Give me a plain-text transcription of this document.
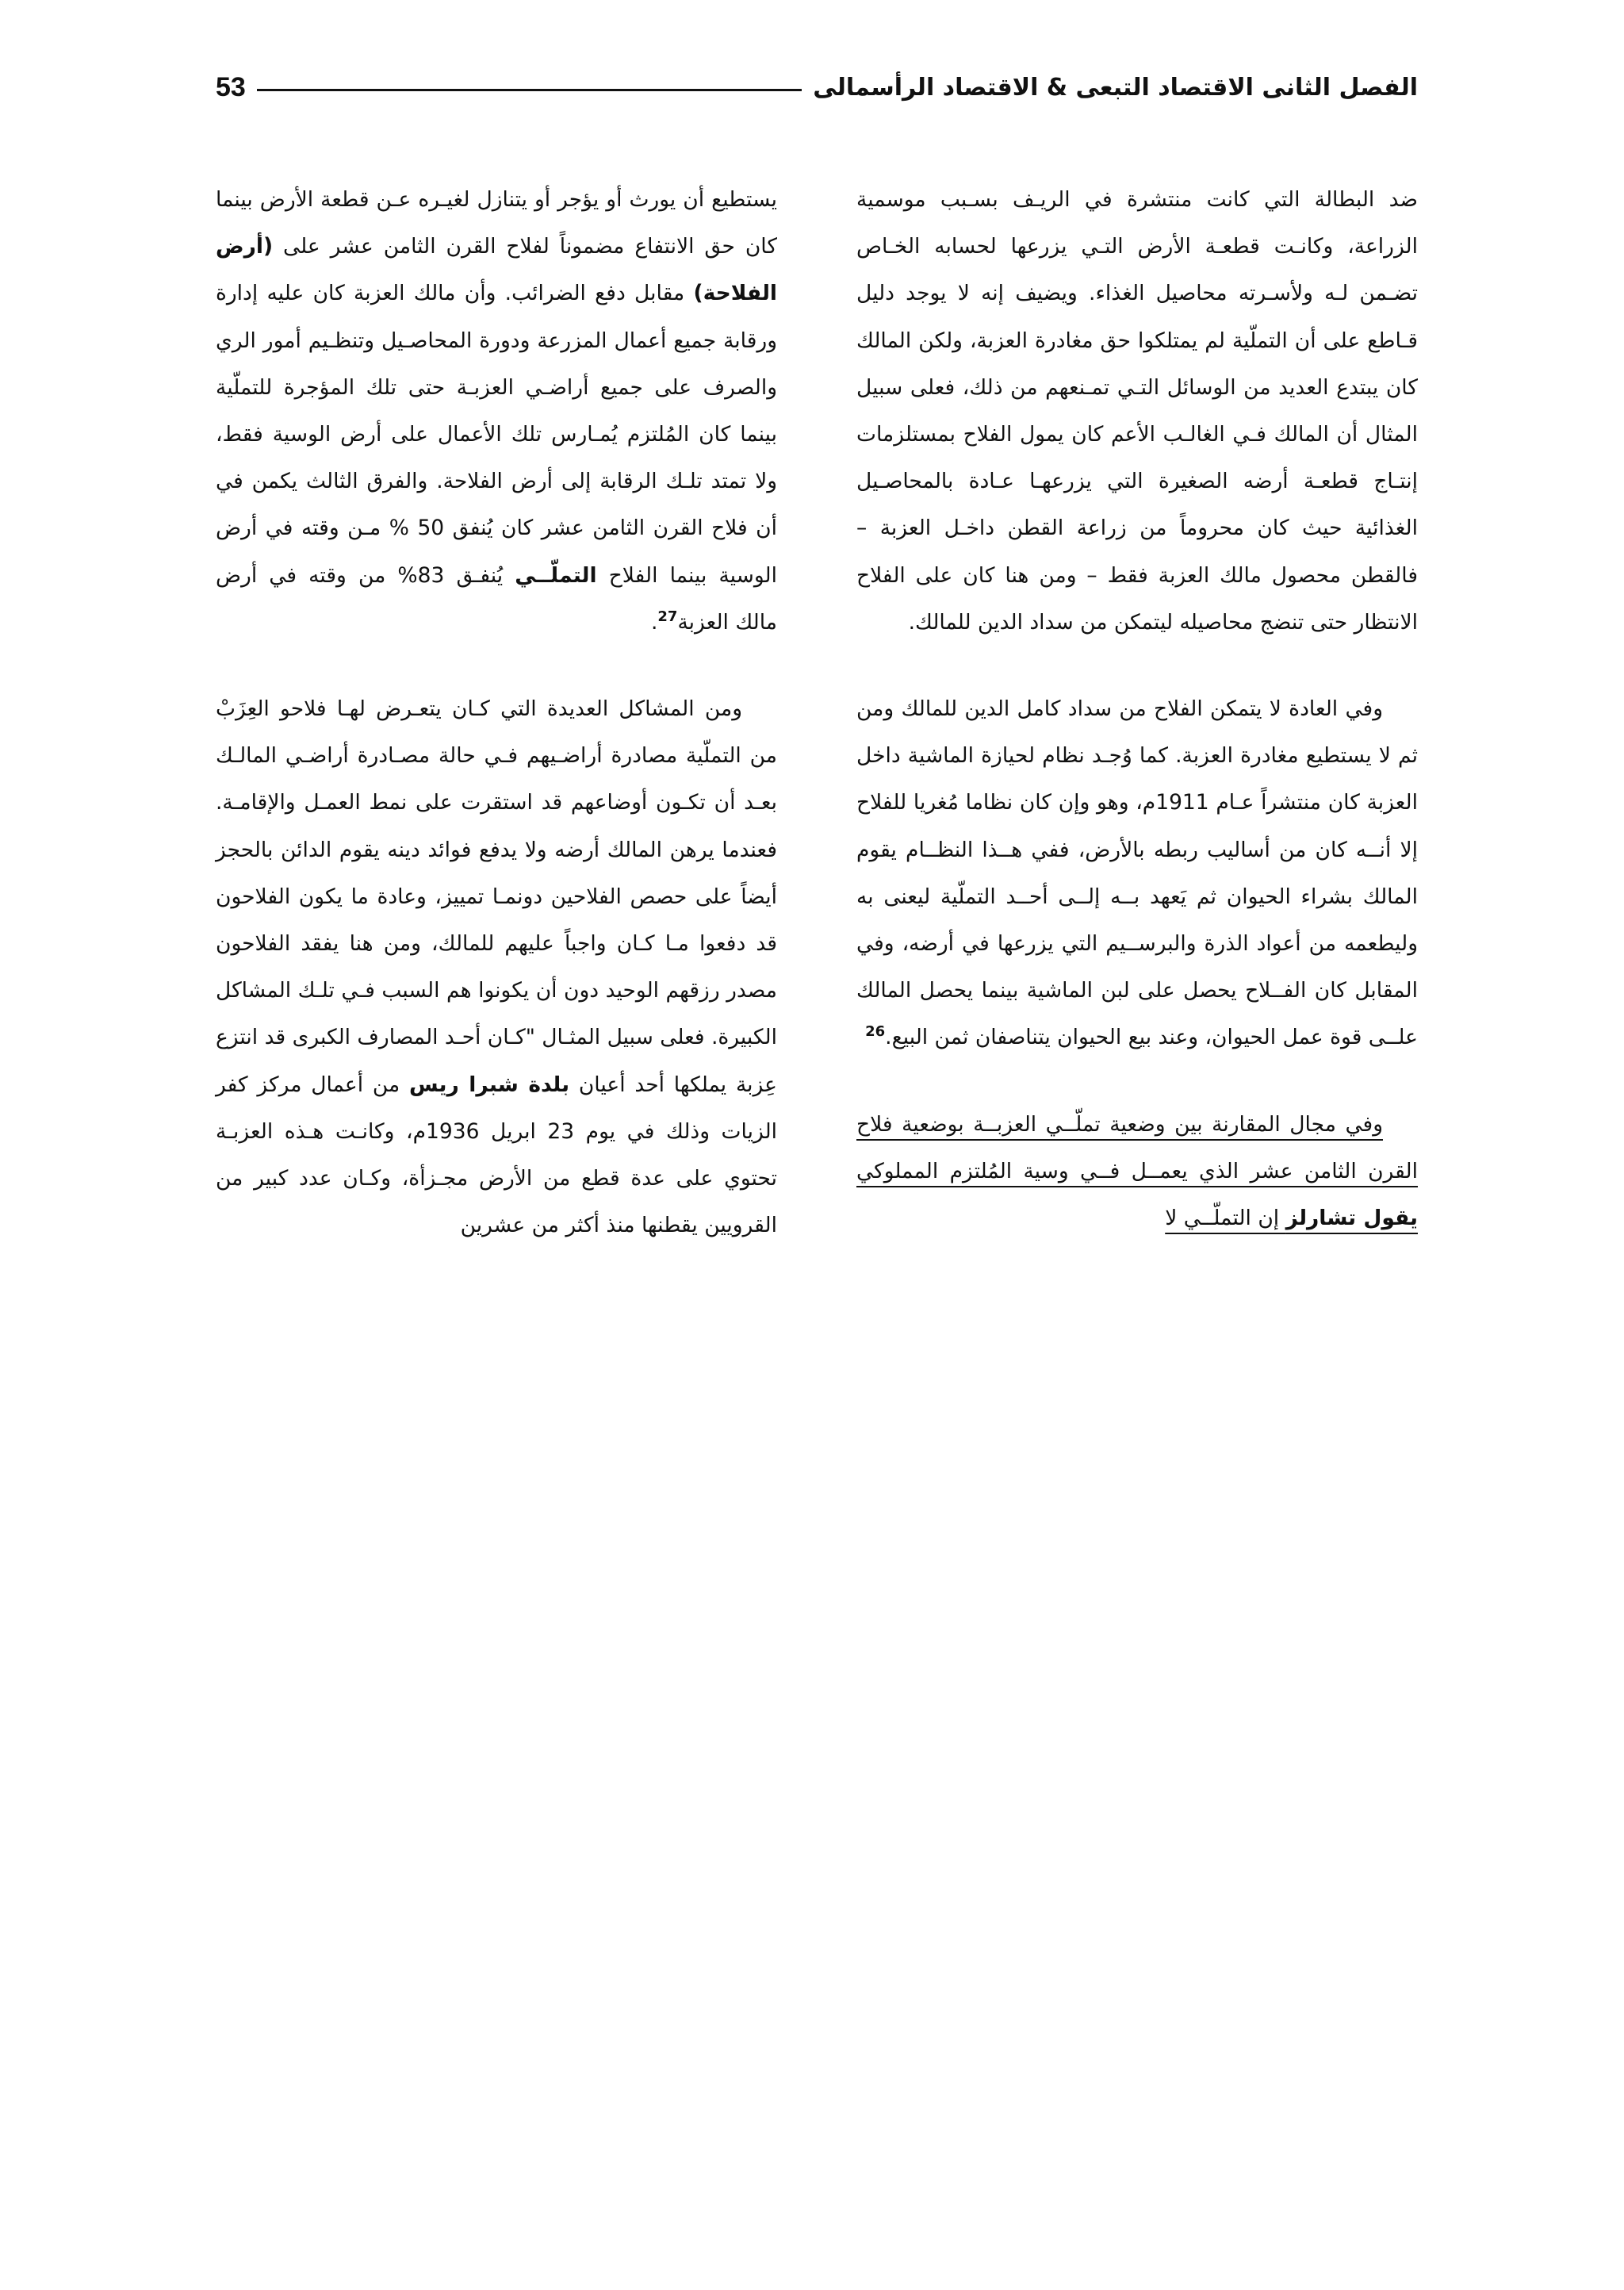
الفصل الثانى الاقتصاد التبعى & الاقتصاد الرأسمالى
53

ضد البطالة التي كانت منتشرة في الريـف بسـبب موسمية الزراعة، وكانـت قطعـة الأرض التـي يزرعها لحسابه الخـاص تضـمن لـه ولأسـرته محاصيل الغذاء. ويضيف إنه لا يوجد دليل قـاطع على أن التملّية لم يمتلكوا حق مغادرة العزبة، ولكن المالك كان يبتدع العديد من الوسائل التـي تمـنعهم من ذلك، فعلى سبيل المثال أن المالك فـي الغالـب الأعم كان يمول الفلاح بمستلزمات إنتـاج قطعـة أرضه الصغيرة التي يزرعهـا عـادة بالمحاصـيل الغذائية حيث كان محروماً من زراعة القطن داخـل العزبة – فالقطن محصول مالك العزبة فقط – ومن هنا كان على الفلاح الانتظار حتى تنضج محاصيله ليتمكن من سداد الدين للمالك.

وفي العادة لا يتمكن الفلاح من سداد كامل الدين للمالك ومن ثم لا يستطيع مغادرة العزبة. كما وُجـد نظام لحيازة الماشية داخل العزبة كان منتشراً عـام 1911م، وهو وإن كان نظاما مُغريا للفلاح إلا أنــه كان من أساليب ربطه بالأرض، ففي هــذا النظــام يقوم المالك بشراء الحيوان ثم يَعهد بــه إلــى أحــد التملّية ليعنى به وليطعمه من أعواد الذرة والبرســيم التي يزرعها في أرضه، وفي المقابل كان الفــلاح يحصل على لبن الماشية بينما يحصل المالك علــى قوة عمل الحيوان، وعند بيع الحيوان يتناصفان ثمن البيع.$^{26}$

وفي مجال المقارنة بين وضعية تملّــي العزبــة بوضعية فلاح القرن الثامن عشر الذي يعمــل فــي وسية المُلتزم المملوكي يقول تشارلز إن التملّــي لا

يستطيع أن يورث أو يؤجر أو يتنازل لغيـره عـن قطعة الأرض بينما كان حق الانتفاع مضموناً لفلاح القرن الثامن عشر على (أرض الفلاحة) مقابل دفع الضرائب. وأن مالك العزبة كان عليه إدارة ورقابة جميع أعمال المزرعة ودورة المحاصـيل وتنظـيم أمور الري والصرف على جميع أراضـي العزبـة حتى تلك المؤجرة للتملّية بينما كان المُلتزم يُمـارس تلك الأعمال على أرض الوسية فقط، ولا تمتد تلـك الرقابة إلى أرض الفلاحة. والفرق الثالث يكمن في أن فلاح القرن الثامن عشر كان يُنفق 50 % مـن وقته في أرض الوسية بينما الفلاح التملّــي يُنفـق 83% من وقته في أرض مالك العزبة$^{27}$.

ومن المشاكل العديدة التي كـان يتعـرض لهـا فلاحو العِزَبْ من التملّية مصادرة أراضـيهم فـي حالة مصـادرة أراضـي المالـك بعـد أن تكـون أوضاعهم قد استقرت على نمط العمـل والإقامـة. فعندما يرهن المالك أرضه ولا يدفع فوائد دينه يقوم الدائن بالحجز أيضاً على حصص الفلاحين دونمـا تمييز، وعادة ما يكون الفلاحون قد دفعوا مـا كـان واجباً عليهم للمالك، ومن هنا يفقد الفلاحون مصدر رزقهم الوحيد دون أن يكونوا هم السبب فـي تلـك المشاكل الكبيرة. فعلى سبيل المثـال "كـان أحـد المصارف الكبرى قد انتزع عِزبة يملكها أحد أعيان بلدة شبرا ريس من أعمال مركز كفر الزيات وذلك في يوم 23 ابريل 1936م، وكانـت هـذه العزبـة تحتوي على عدة قطع من الأرض مجـزأة، وكـان عدد كبير من القرويين يقطنها منذ أكثر من عشرين
